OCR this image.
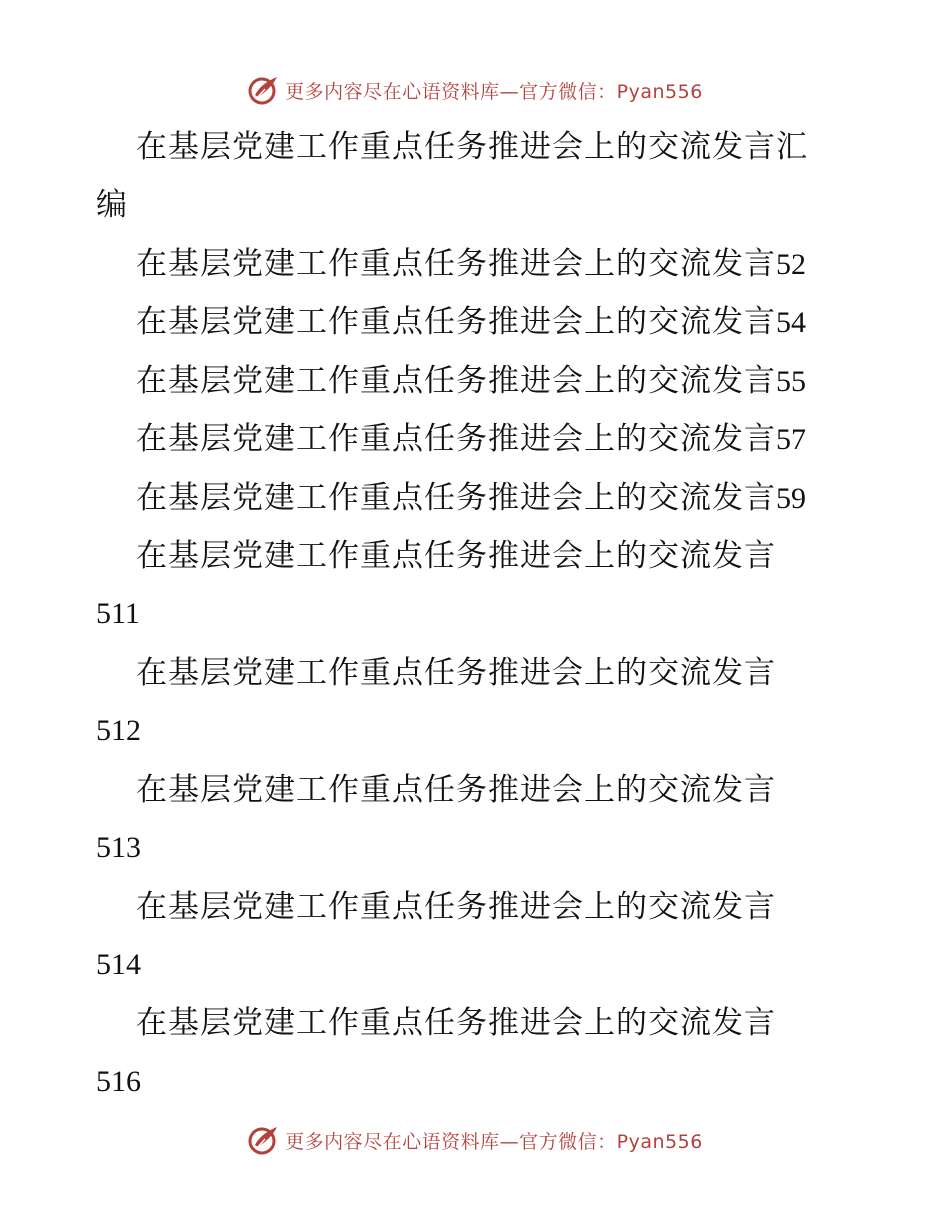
更多内容尽在心语资料库—官方微信：Pyan556
在基层党建工作重点任务推进会上的交流发言汇
编
在基层党建工作重点任务推进会上的交流发言52
在基层党建工作重点任务推进会上的交流发言54
在基层党建工作重点任务推进会上的交流发言55
在基层党建工作重点任务推进会上的交流发言57
在基层党建工作重点任务推进会上的交流发言59
在基层党建工作重点任务推进会上的交流发言
511
在基层党建工作重点任务推进会上的交流发言
512
在基层党建工作重点任务推进会上的交流发言
513
在基层党建工作重点任务推进会上的交流发言
514
在基层党建工作重点任务推进会上的交流发言
516
更多内容尽在心语资料库—官方微信：Pyan556
